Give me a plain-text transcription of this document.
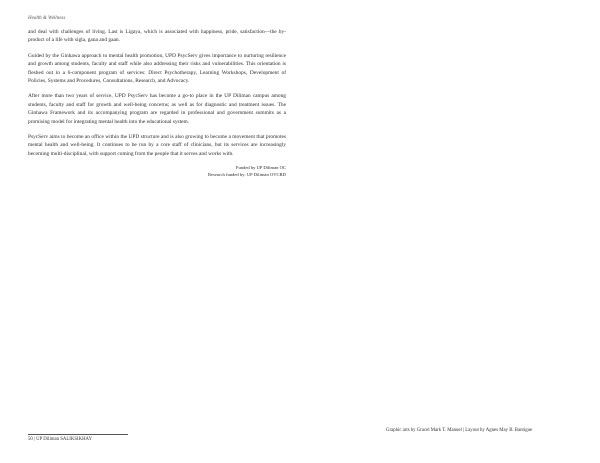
Health & Wellness

and deal with challenges of living. Last is Ligaya, which is associated with happiness, pride, satisfaction—the by-product of a life with sigla, gana and gaan.

Guided by the Ginhawa approach to mental health promotion, UPD PsycServ gives importance to nurturing resilience and growth among students, faculty and staff while also addressing their risks and vulnerabilities. This orientation is fleshed out in a 6-component program of services: Direct Psychotherapy, Learning Workshops, Development of Policies, Systems and Procedures, Consultations, Research, and Advocacy.

After more than two years of service, UPD PsycServ has become a go-to place in the UP Diliman campus among students, faculty and staff for growth and well-being concerns; as well as for diagnostic and treatment issues. The Ginhawa Framework and its accompanying program are regarded in professional and government summits as a promising model for integrating mental health into the educational system.

PsycServ aims to become an office within the UPD structure and is also growing to become a movement that promotes mental health and well-being. It continues to be run by a core staff of clinicians, but its services are increasingly becoming multi-disciplinal, with support coming from the people that it serves and works with.

Funded by UP Diliman OC
Research funded by: UP Diliman OVCRD
50 | UP Diliman SALIKSIKHAY
Graphic arts by Gracel Mark T. Manuel | Layout by Agnes May B. Bantigue
